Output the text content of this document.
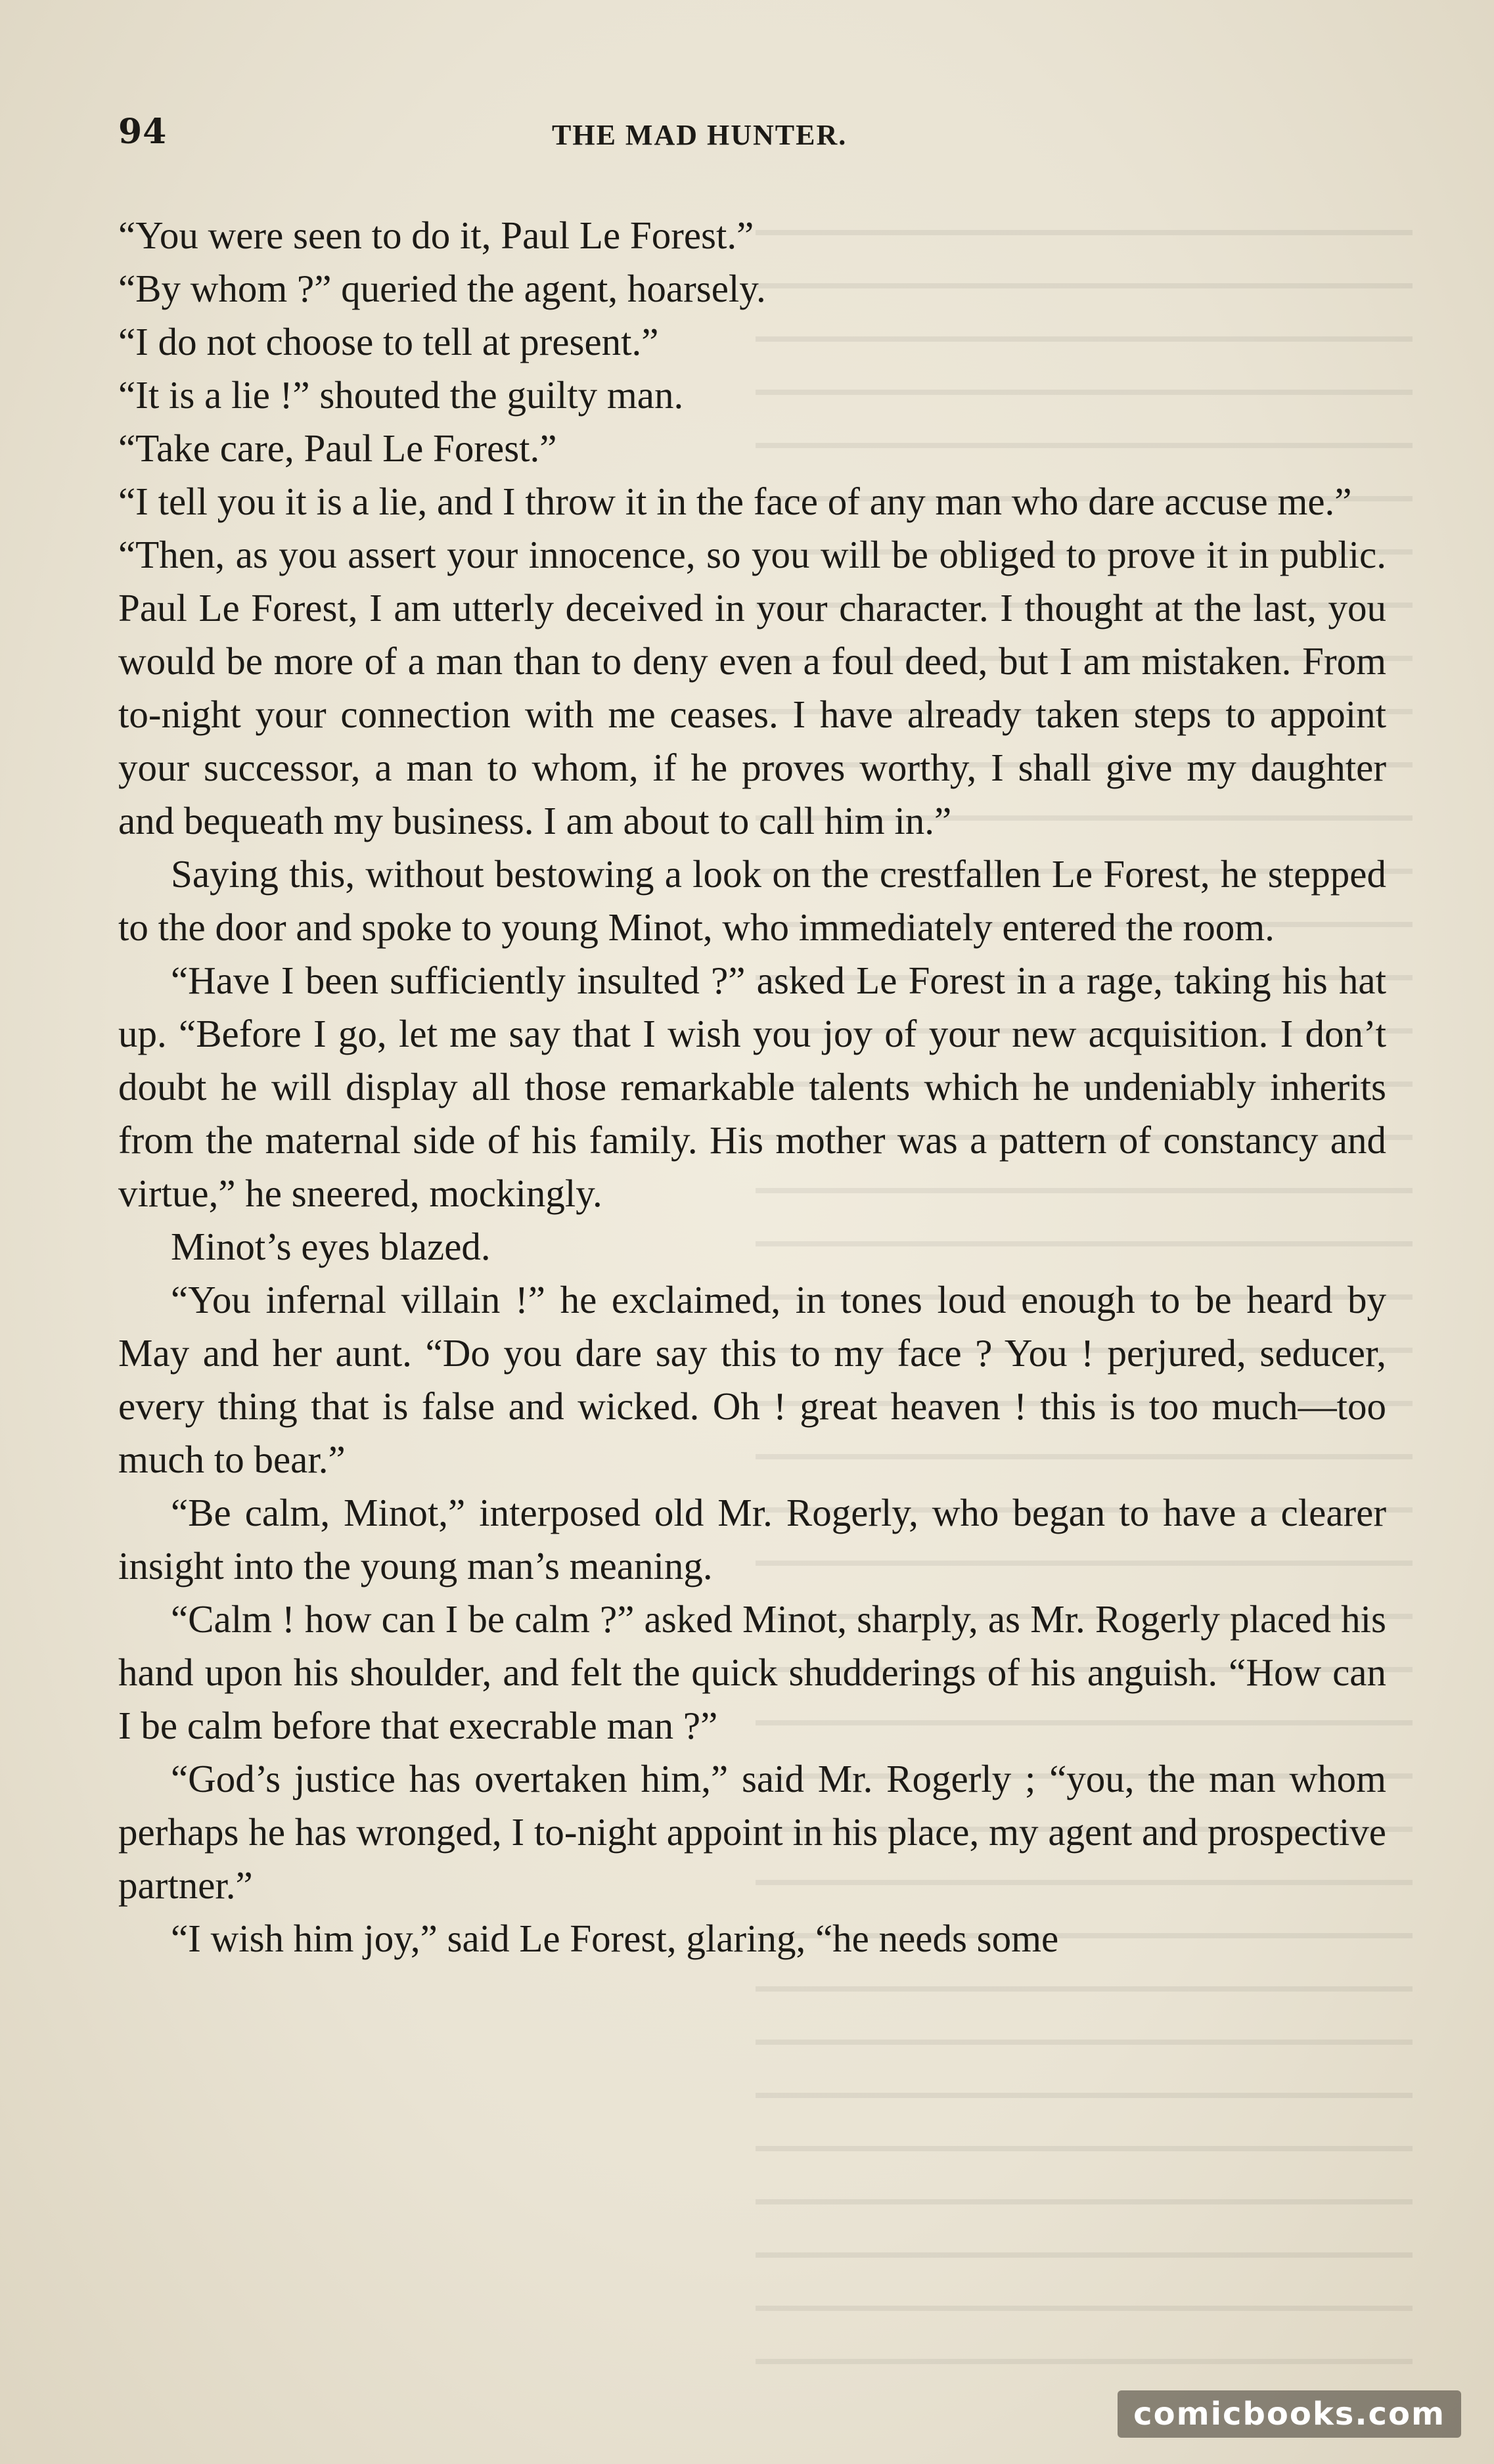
94	THE MAD HUNTER.

“You were seen to do it, Paul Le Forest.”

“By whom ?” queried the agent, hoarsely.

“I do not choose to tell at present.”

“It is a lie !” shouted the guilty man.

“Take care, Paul Le Forest.”

“I tell you it is a lie, and I throw it in the face of any man who dare accuse me.”

“Then, as you assert your innocence, so you will be obliged to prove it in public. Paul Le Forest, I am utterly deceived in your character. I thought at the last, you would be more of a man than to deny even a foul deed, but I am mistaken. From to-night your connection with me ceases. I have already taken steps to appoint your successor, a man to whom, if he proves worthy, I shall give my daughter and bequeath my business. I am about to call him in.”

Saying this, without bestowing a look on the crestfallen Le Forest, he stepped to the door and spoke to young Minot, who immediately entered the room.

“Have I been sufficiently insulted ?” asked Le Forest in a rage, taking his hat up. “Before I go, let me say that I wish you joy of your new acquisition. I don’t doubt he will display all those remarkable talents which he undeniably inherits from the maternal side of his family. His mother was a pattern of constancy and virtue,” he sneered, mockingly.

Minot’s eyes blazed.

“You infernal villain !” he exclaimed, in tones loud enough to be heard by May and her aunt. “Do you dare say this to my face ? You ! perjured, seducer, every thing that is false and wicked. Oh ! great heaven ! this is too much—too much to bear.”

“Be calm, Minot,” interposed old Mr. Rogerly, who began to have a clearer insight into the young man’s meaning.

“Calm ! how can I be calm ?” asked Minot, sharply, as Mr. Rogerly placed his hand upon his shoulder, and felt the quick shudderings of his anguish. “How can I be calm before that execrable man ?”

“God’s justice has overtaken him,” said Mr. Rogerly ; “you, the man whom perhaps he has wronged, I to-night appoint in his place, my agent and prospective partner.”

“I wish him joy,” said Le Forest, glaring, “he needs some

comicbooks.com
